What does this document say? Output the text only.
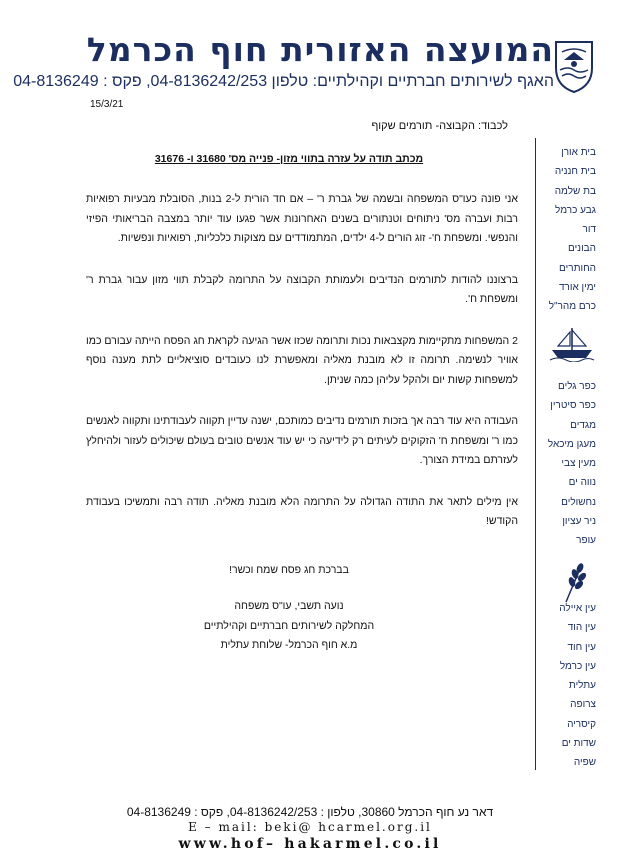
המועצה האזורית חוף הכרמל
האגף לשירותים חברתיים וקהילתיים: טלפון 04-8136242/253, פקס : 04-8136249
15/3/21
לכבוד: הקבוצה- תורמים שקוף
מכתב תודה על עזרה בתווי מזון- פנייה מס' 31680 ו- 31676

אני פונה כעו"ס המשפחה ובשמה של גברת ר' – אם חד הורית ל-2 בנות, הסובלת מבעיות רפואיות רבות ועברה מס' ניתוחים וטנתורים בשנים האחרונות אשר פגעו עוד יותר במצבה הבריאותי הפיזי והנפשי. ומשפחת ח'- זוג הורים ל-4 ילדים, המתמודדים עם מצוקות כלכליות, רפואיות ונפשיות.

ברצוננו להודות לתורמים הנדיבים ולעמותת הקבוצה על התרומה לקבלת תווי מזון עבור גברת ר' ומשפחת ח'.

2 המשפחות מתקיימות מקצבאות נכות ותרומה שכזו אשר הגיעה לקראת חג הפסח הייתה עבורם כמו אוויר לנשימה. תרומה זו לא מובנת מאליה ומאפשרת לנו כעובדים סוציאליים לתת מענה נוסף למשפחות קשות יום ולהקל עליהן כמה שניתן.

העבודה היא עוד רבה אך בזכות תורמים נדיבים כמותכם, ישנה עדיין תקווה לעבודתינו ותקווה לאנשים כמו ר' ומשפחת ח' הזקוקים לעיתים רק לידיעה כי יש עוד אנשים טובים בעולם שיכולים לעזור ולהיחלץ לעזרתם במידת הצורך.

אין מילים לתאר את התודה הגדולה על התרומה הלא מובנת מאליה. תודה רבה ותמשיכו בעבודת הקודש!

בברכת חג פסח שמח וכשר!
נועה תשבי, עו"ס משפחה
המחלקה לשירותים חברתיים וקהילתיים
מ.א חוף הכרמל- שלוחת עתלית
בית אורן
בית חנניה
בת שלמה
גבע כרמל
דור
הבונים
החותרים
ימין אורד
כרם מהר"ל
כפר גלים
כפר סיטרין
מגדים
מעגן מיכאל
מעין צבי
נווה ים
נחשולים
ניר עציון
עופר
עין איילה
עין הוד
עין חוד
עין כרמל
עתלית
צרופה
קיסריה
שדות ים
שפיה
דאר נע חוף הכרמל 30860, טלפון : 04-8136242/253, פקס : 04-8136249
E – mail: beki@ hcarmel.org.il
www.hof– hakarmel.co.il
